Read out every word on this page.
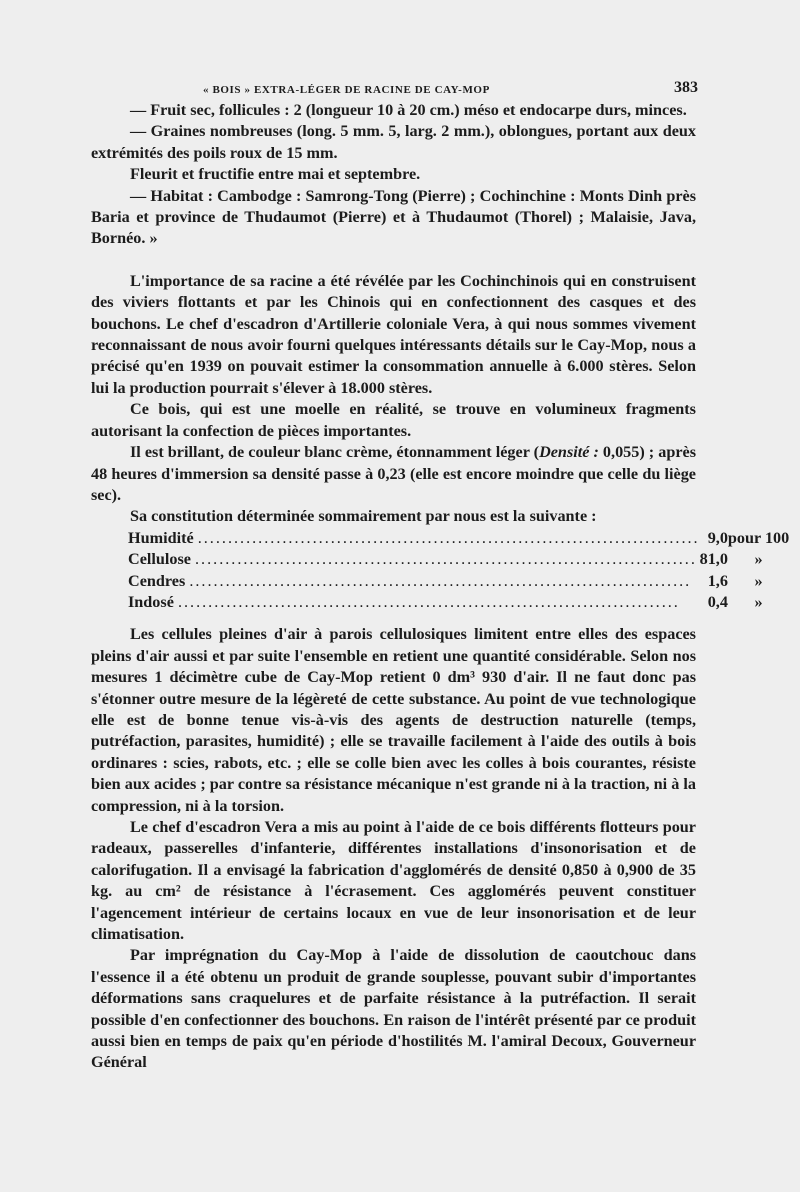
« BOIS » EXTRA-LÉGER DE RACINE DE CAY-MOP	383

— Fruit sec, follicules : 2 (longueur 10 à 20 cm.) méso et endocarpe durs, minces.

— Graines nombreuses (long. 5 mm. 5, larg. 2 mm.), oblongues, portant aux deux extrémités des poils roux de 15 mm.

Fleurit et fructifie entre mai et septembre.

— Habitat : Cambodge : Samrong-Tong (Pierre) ; Cochinchine : Monts Dinh près Baria et province de Thudaumot (Pierre) et à Thudaumot (Thorel) ; Malaisie, Java, Bornéo. »

L'importance de sa racine a été révélée par les Cochinchinois qui en construisent des viviers flottants et par les Chinois qui en confectionnent des casques et des bouchons. Le chef d'escadron d'Artillerie coloniale Vera, à qui nous sommes vivement reconnaissant de nous avoir fourni quelques intéressants détails sur le Cay-Mop, nous a précisé qu'en 1939 on pouvait estimer la consommation annuelle à 6.000 stères. Selon lui la production pourrait s'élever à 18.000 stères.

Ce bois, qui est une moelle en réalité, se trouve en volumineux fragments autorisant la confection de pièces importantes.

Il est brillant, de couleur blanc crème, étonnamment léger (Densité : 0,055) ; après 48 heures d'immersion sa densité passe à 0,23 (elle est encore moindre que celle du liège sec).

Sa constitution déterminée sommairement par nous est la suivante :

Humidité ...................................................................................	9,0	pour 100
Cellulose ...................................................................................	81,0	»
Cendres ...................................................................................	1,6	»
Indosé ...................................................................................	0,4	»

Les cellules pleines d'air à parois cellulosiques limitent entre elles des espaces pleins d'air aussi et par suite l'ensemble en retient une quantité considérable. Selon nos mesures 1 décimètre cube de Cay-Mop retient 0 dm³ 930 d'air. Il ne faut donc pas s'étonner outre mesure de la légèreté de cette substance. Au point de vue technologique elle est de bonne tenue vis-à-vis des agents de destruction naturelle (temps, putréfaction, parasites, humidité) ; elle se travaille facilement à l'aide des outils à bois ordinares : scies, rabots, etc. ; elle se colle bien avec les colles à bois courantes, résiste bien aux acides ; par contre sa résistance mécanique n'est grande ni à la traction, ni à la compression, ni à la torsion.

Le chef d'escadron Vera a mis au point à l'aide de ce bois différents flotteurs pour radeaux, passerelles d'infanterie, différentes installations d'insonorisation et de calorifugation. Il a envisagé la fabrication d'agglomérés de densité 0,850 à 0,900 de 35 kg. au cm² de résistance à l'écrasement. Ces agglomérés peuvent constituer l'agencement intérieur de certains locaux en vue de leur insonorisation et de leur climatisation.

Par imprégnation du Cay-Mop à l'aide de dissolution de caoutchouc dans l'essence il a été obtenu un produit de grande souplesse, pouvant subir d'importantes déformations sans craquelures et de parfaite résistance à la putréfaction. Il serait possible d'en confectionner des bouchons. En raison de l'intérêt présenté par ce produit aussi bien en temps de paix qu'en période d'hostilités M. l'amiral Decoux, Gouverneur Général
